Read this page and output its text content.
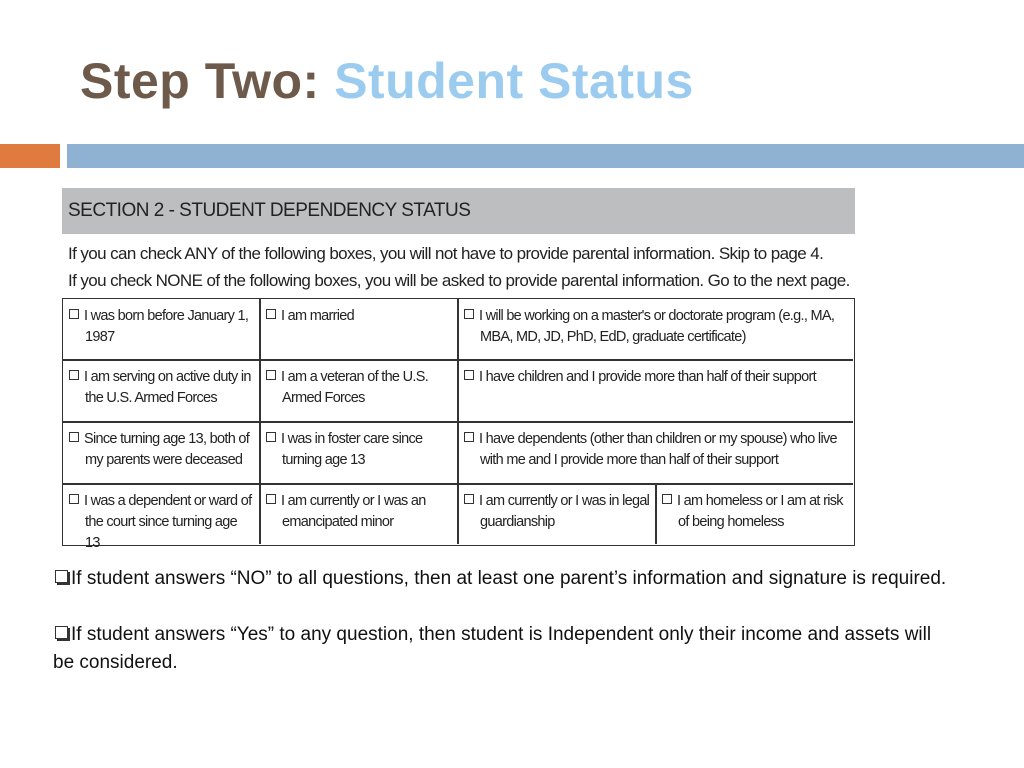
Step Two: Student Status
SECTION 2 - STUDENT DEPENDENCY STATUS
If you can check ANY of the following boxes, you will not have to provide parental information. Skip to page 4.
If you check NONE of the following boxes, you will be asked to provide parental information. Go to the next page.
I was born before January 1, 1987
I am married	I will be working on a master's or doctorate program (e.g., MA, MBA, MD, JD, PhD, EdD, graduate certificate)
I am serving on active duty in the U.S. Armed Forces
I am a veteran of the U.S. Armed Forces
I have children and I provide more than half of their support
Since turning age 13, both of my parents were deceased
I was in foster care since turning age 13
I have dependents (other than children or my spouse) who live with me and I provide more than half of their support
I was a dependent or ward of the court since turning age 13
I am currently or I was an emancipated minor
I am currently or I was in legal guardianship
I am homeless or I am at risk of being homeless

If student answers “NO” to all questions, then at least one parent’s information and signature is required.

If student answers “Yes” to any question, then student is Independent only their income and assets will be considered.
